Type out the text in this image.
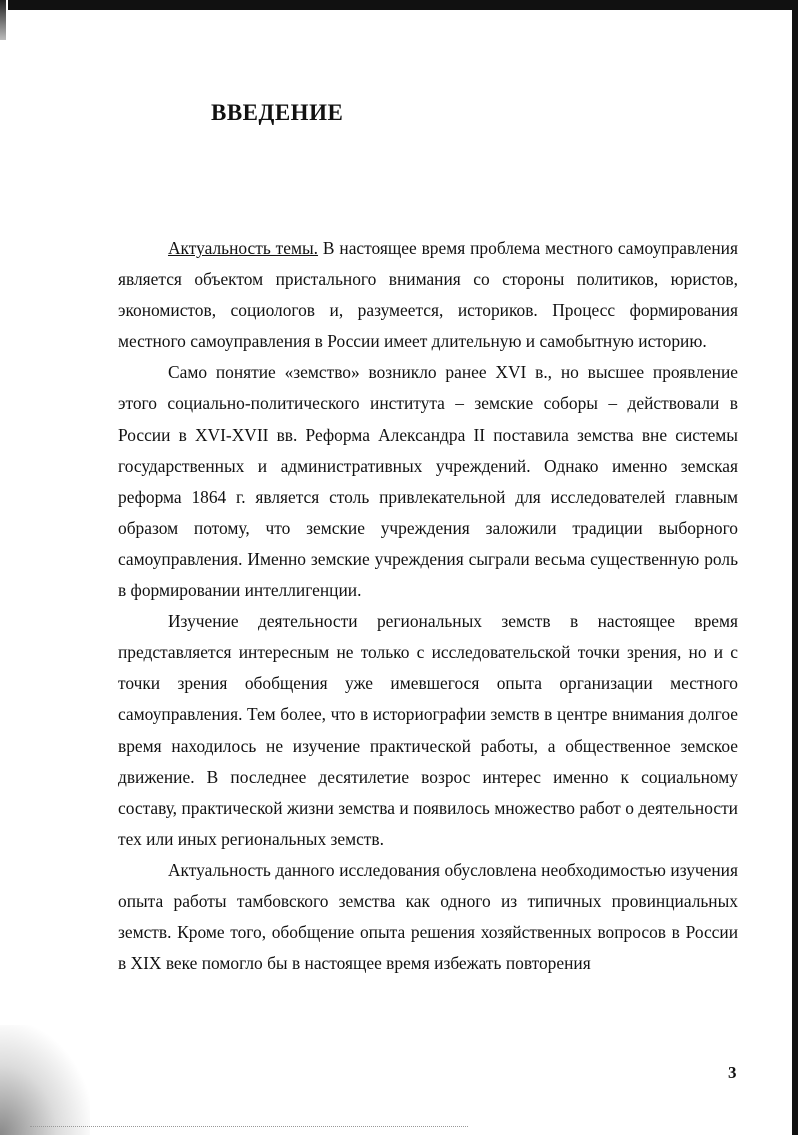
ВВЕДЕНИЕ

Актуальность темы. В настоящее время проблема местного самоуправления является объектом пристального внимания со стороны политиков, юристов, экономистов, социологов и, разумеется, историков. Процесс формирования местного самоуправления в России имеет длительную и самобытную историю.

Само понятие «земство» возникло ранее XVI в., но высшее проявление этого социально-политического института – земские соборы – действовали в России в XVI-XVII вв. Реформа Александра II поставила земства вне системы государственных и административных учреждений. Однако именно земская реформа 1864 г. является столь привлекательной для исследователей главным образом потому, что земские учреждения заложили традиции выборного самоуправления. Именно земские учреждения сыграли весьма существенную роль в формировании интеллигенции.

Изучение деятельности региональных земств в настоящее время представляется интересным не только с исследовательской точки зрения, но и с точки зрения обобщения уже имевшегося опыта организации местного самоуправления. Тем более, что в историографии земств в центре внимания долгое время находилось не изучение практической работы, а общественное земское движение. В последнее десятилетие возрос интерес именно к социальному составу, практической жизни земства и появилось множество работ о деятельности тех или иных региональных земств.

Актуальность данного исследования обусловлена необходимостью изучения опыта работы тамбовского земства как одного из типичных провинциальных земств. Кроме того, обобщение опыта решения хозяйственных вопросов в России в XIX веке помогло бы в настоящее время избежать повторения

3
